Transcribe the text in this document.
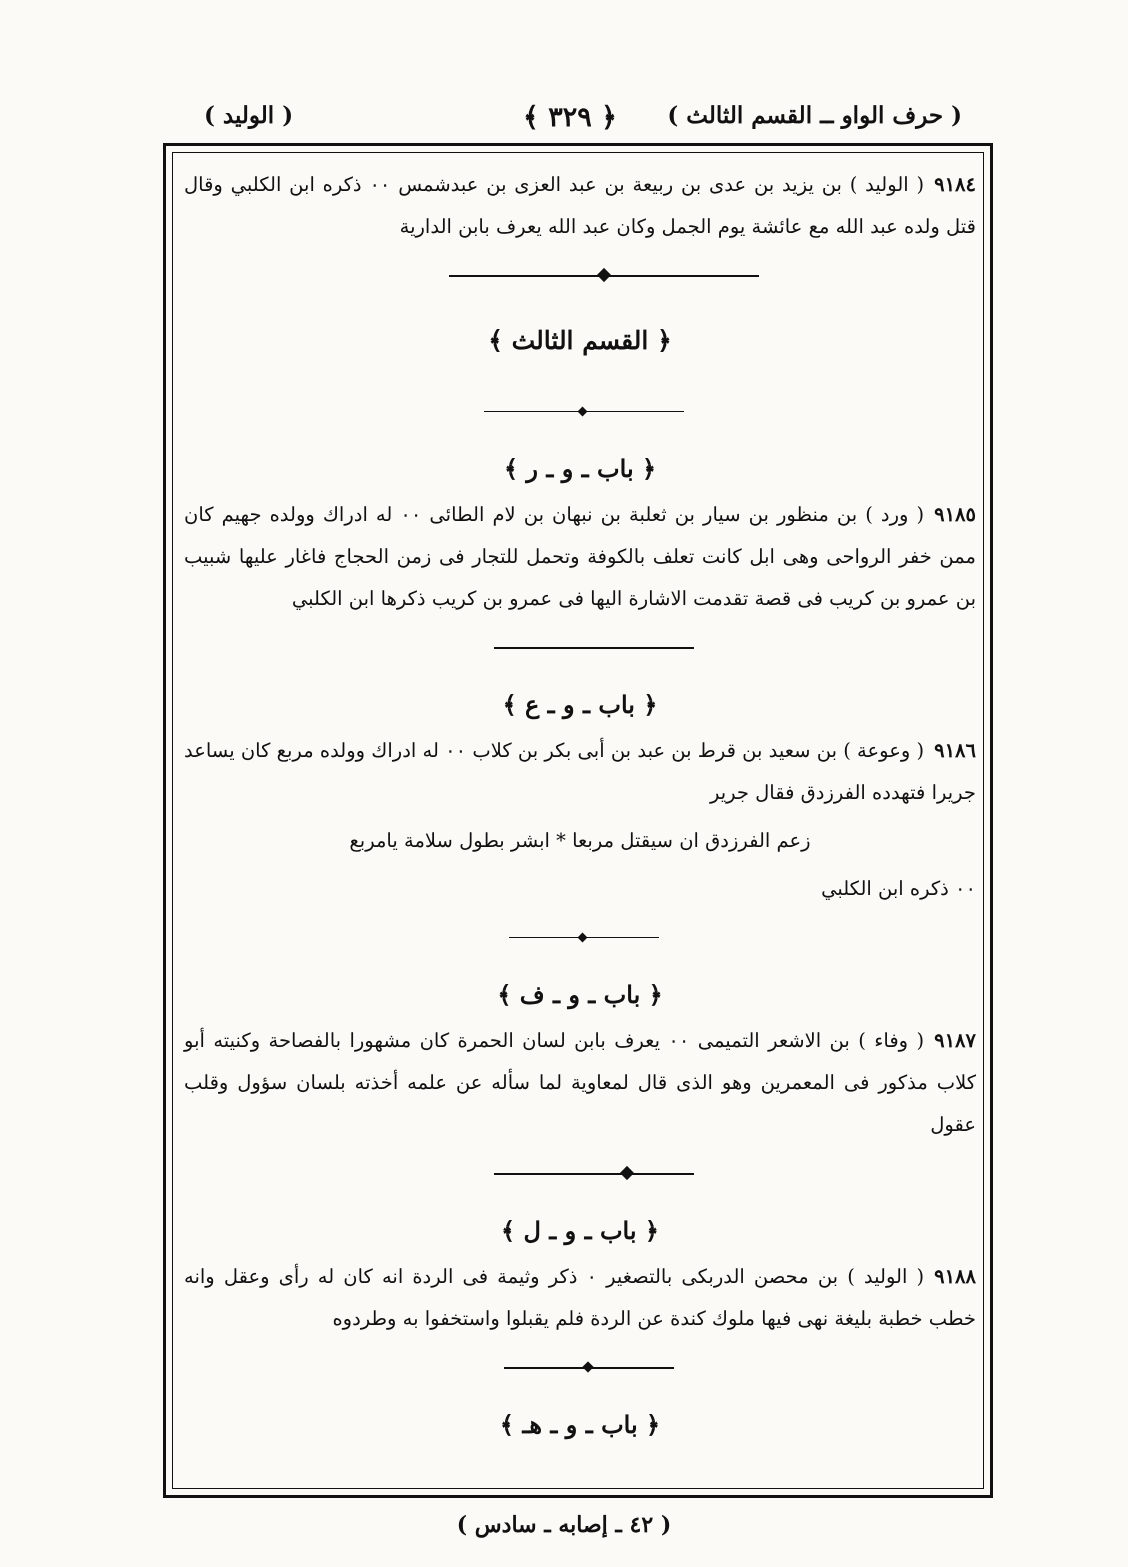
( حرف الواو ــ القسم الثالث )
﴿ ٣٢٩ ﴾
( الوليد )

٩١٨٤( الوليد ) بن يزيد بن عدى بن ربيعة بن عبد العزى بن عبدشمس ٠٠ ذكره ابن الكلبي وقال قتل ولده عبد الله مع عائشة يوم الجمل وكان عبد الله يعرف بابن الدارية

﴿ القسم الثالث ﴾
﴿ باب ـ و ـ ر ﴾

٩١٨٥( ورد ) بن منظور بن سيار بن ثعلبة بن نبهان بن لام الطائى ٠٠ له ادراك وولده جهيم كان ممن خفر الرواحى وهى ابل كانت تعلف بالكوفة وتحمل للتجار فى زمن الحجاج فاغار عليها شبيب بن عمرو بن كريب فى قصة تقدمت الاشارة اليها فى عمرو بن كريب ذكرها ابن الكلبي

﴿ باب ـ و ـ ع ﴾

٩١٨٦( وعوعة ) بن سعيد بن قرط بن عبد بن أبى بكر بن كلاب ٠٠ له ادراك وولده مربع كان يساعد جريرا فتهدده الفرزدق فقال جرير

زعم الفرزدق ان سيقتل مربعا * ابشر بطول سلامة يامربع

٠٠ ذكره ابن الكلبي

﴿ باب ـ و ـ ف ﴾

٩١٨٧( وفاء ) بن الاشعر التميمى ٠٠ يعرف بابن لسان الحمرة كان مشهورا بالفصاحة وكنيته أبو كلاب مذكور فى المعمرين وهو الذى قال لمعاوية لما سأله عن علمه أخذته بلسان سؤول وقلب عقول

﴿ باب ـ و ـ ل ﴾

٩١٨٨( الوليد ) بن محصن الدربكى بالتصغير ٠ ذكر وثيمة فى الردة انه كان له رأى وعقل وانه خطب خطبة بليغة نهى فيها ملوك كندة عن الردة فلم يقبلوا واستخفوا به وطردوه

﴿ باب ـ و ـ هـ ﴾
( ٤٢ ـ إصابه ـ سادس )
